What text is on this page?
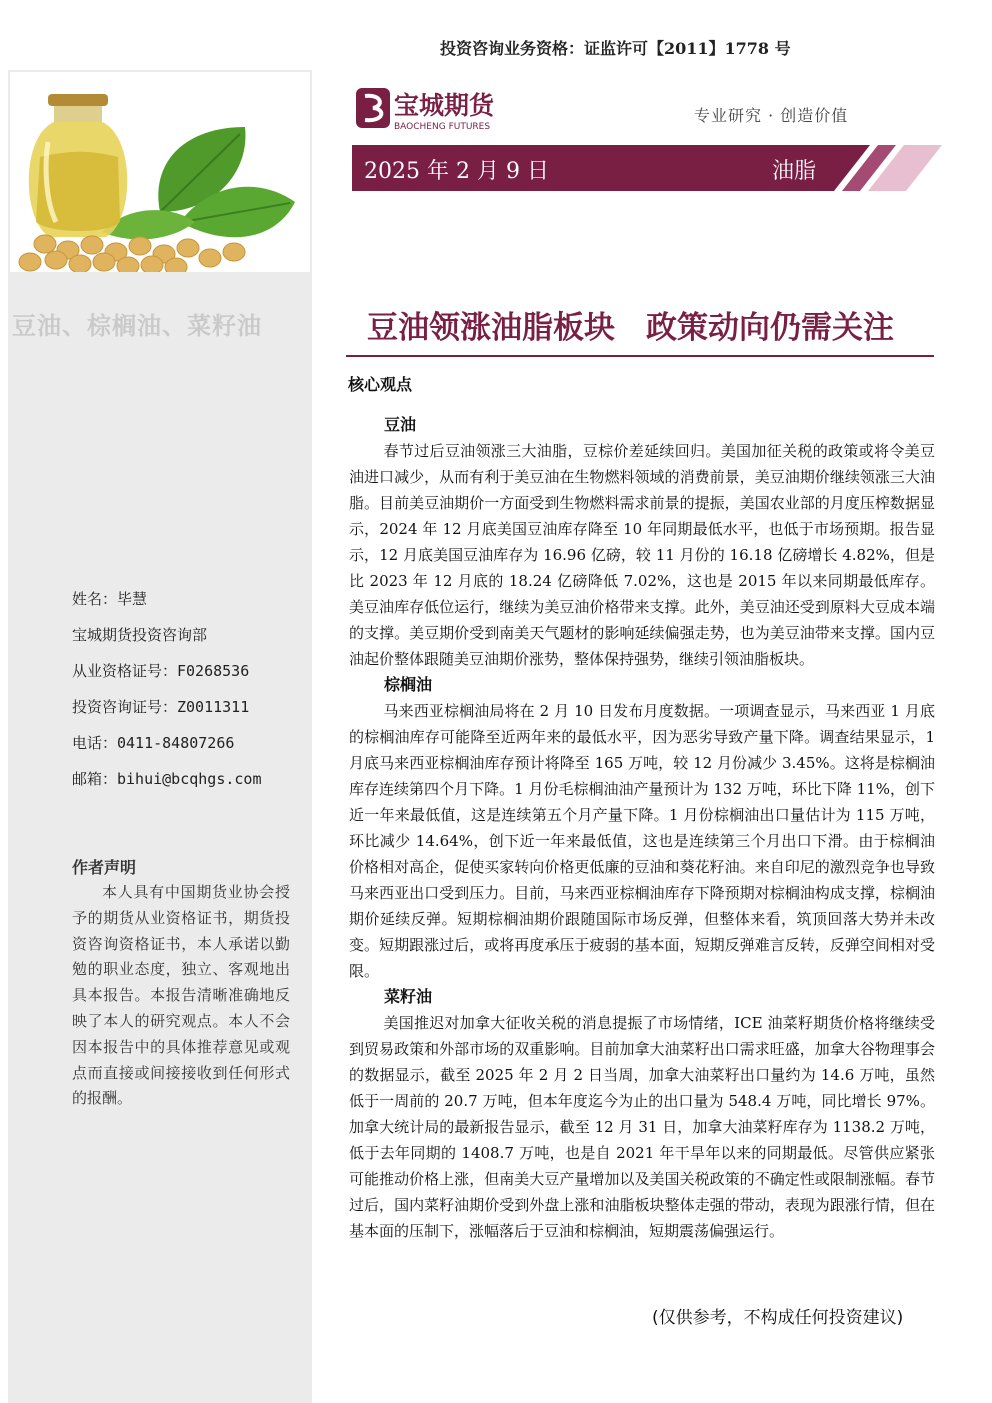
豆油、棕榈油、菜籽油
姓名：毕慧
宝城期货投资咨询部
从业资格证号：F0268536
投资咨询证号：Z0011311
电话：0411-84807266
邮箱：bihui@bcqhgs.com
作者声明
本人具有中国期货业协会授予的期货从业资格证书，期货投资咨询资格证书，本人承诺以勤勉的职业态度，独立、客观地出具本报告。本报告清晰准确地反映了本人的研究观点。本人不会因本报告中的具体推荐意见或观点而直接或间接接收到任何形式的报酬。
投资咨询业务资格：证监许可【2011】1778 号
宝城期货
BAOCHENG FUTURES
专业研究 · 创造价值
2025 年 2 月 9 日	油脂
豆油领涨油脂板块　政策动向仍需关注
核心观点
豆油

春节过后豆油领涨三大油脂，豆棕价差延续回归。美国加征关税的政策或将令美豆油进口减少，从而有利于美豆油在生物燃料领域的消费前景，美豆油期价继续领涨三大油脂。目前美豆油期价一方面受到生物燃料需求前景的提振，美国农业部的月度压榨数据显示，2024 年 12 月底美国豆油库存降至 10 年同期最低水平，也低于市场预期。报告显示，12 月底美国豆油库存为 16.96 亿磅，较 11 月份的 16.18 亿磅增长 4.82%，但是比 2023 年 12 月底的 18.24 亿磅降低 7.02%，这也是 2015 年以来同期最低库存。美豆油库存低位运行，继续为美豆油价格带来支撑。此外，美豆油还受到原料大豆成本端的支撑。美豆期价受到南美天气题材的影响延续偏强走势，也为美豆油带来支撑。国内豆油起价整体跟随美豆油期价涨势，整体保持强势，继续引领油脂板块。

棕榈油

马来西亚棕榈油局将在 2 月 10 日发布月度数据。一项调查显示，马来西亚 1 月底的棕榈油库存可能降至近两年来的最低水平，因为恶劣导致产量下降。调查结果显示，1 月底马来西亚棕榈油库存预计将降至 165 万吨，较 12 月份减少 3.45%。这将是棕榈油库存连续第四个月下降。1 月份毛棕榈油油产量预计为 132 万吨，环比下降 11%，创下近一年来最低值，这是连续第五个月产量下降。1 月份棕榈油出口量估计为 115 万吨，环比减少 14.64%，创下近一年来最低值，这也是连续第三个月出口下滑。由于棕榈油价格相对高企，促使买家转向价格更低廉的豆油和葵花籽油。来自印尼的激烈竞争也导致马来西亚出口受到压力。目前，马来西亚棕榈油库存下降预期对棕榈油构成支撑，棕榈油期价延续反弹。短期棕榈油期价跟随国际市场反弹，但整体来看，筑顶回落大势并未改变。短期跟涨过后，或将再度承压于疲弱的基本面，短期反弹难言反转，反弹空间相对受限。

菜籽油

美国推迟对加拿大征收关税的消息提振了市场情绪，ICE 油菜籽期货价格将继续受到贸易政策和外部市场的双重影响。目前加拿大油菜籽出口需求旺盛，加拿大谷物理事会的数据显示，截至 2025 年 2 月 2 日当周，加拿大油菜籽出口量约为 14.6 万吨，虽然低于一周前的 20.7 万吨，但本年度迄今为止的出口量为 548.4 万吨，同比增长 97%。加拿大统计局的最新报告显示，截至 12 月 31 日，加拿大油菜籽库存为 1138.2 万吨，低于去年同期的 1408.7 万吨，也是自 2021 年干旱年以来的同期最低。尽管供应紧张可能推动价格上涨，但南美大豆产量增加以及美国关税政策的不确定性或限制涨幅。春节过后，国内菜籽油期价受到外盘上涨和油脂板块整体走强的带动，表现为跟涨行情，但在基本面的压制下，涨幅落后于豆油和棕榈油，短期震荡偏强运行。

(仅供参考，不构成任何投资建议)
